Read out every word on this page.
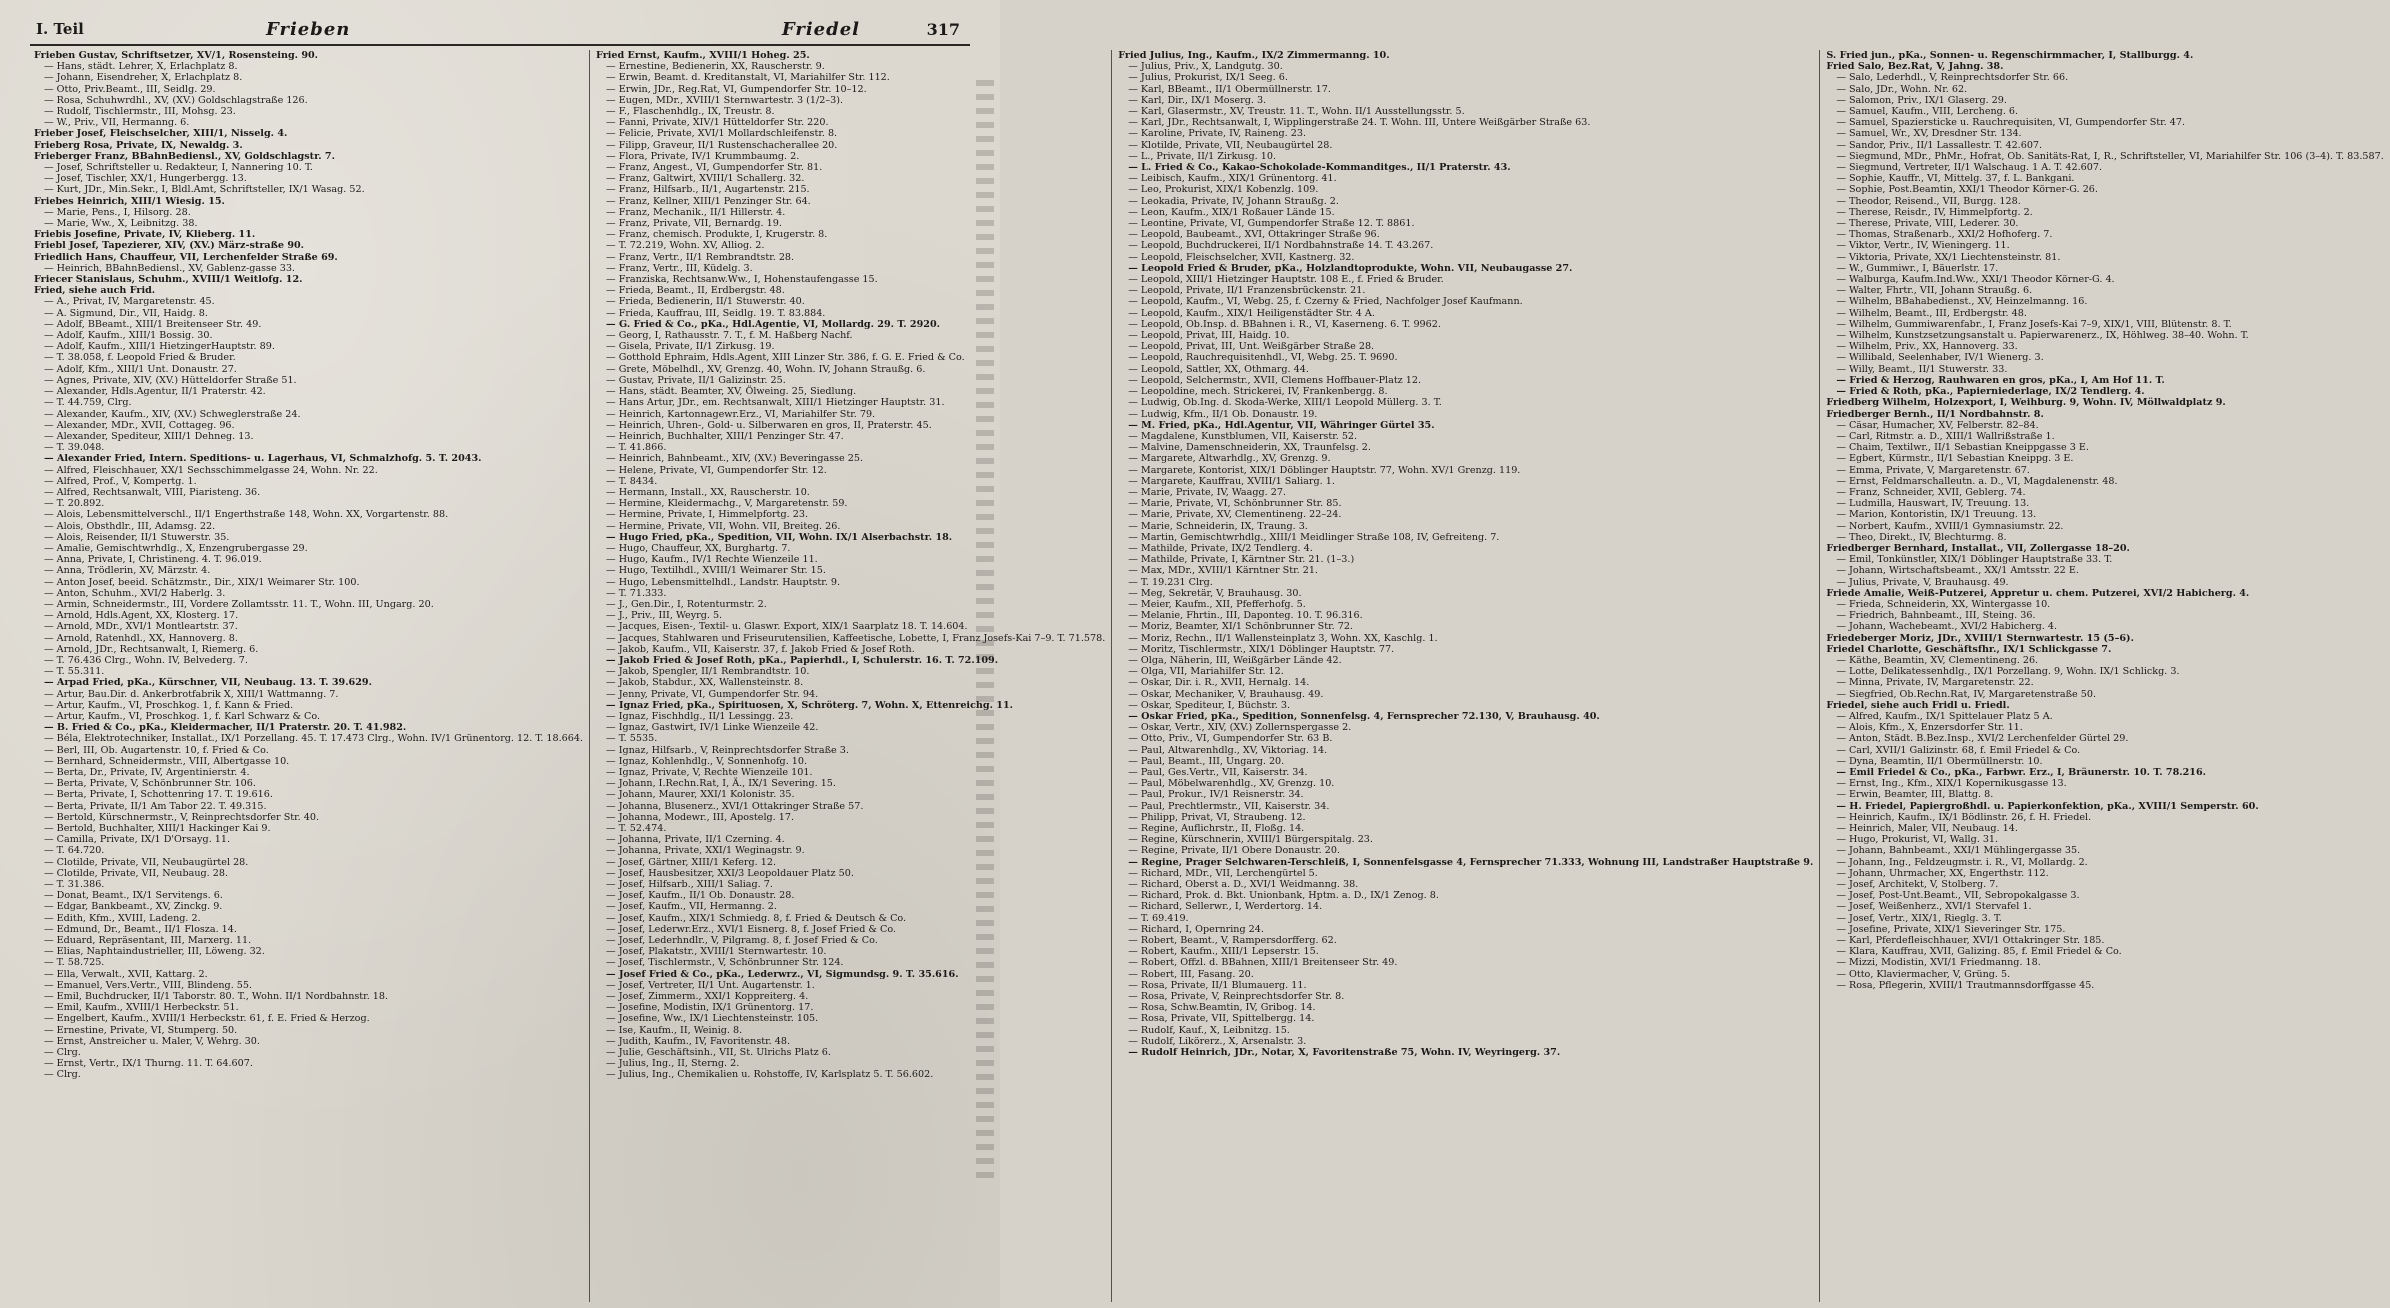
I. Teil	Frieben	Friedel	317

Frieben Gustav, Schriftsetzer, XV/1, Rosensteing. 90.

— Hans, städt. Lehrer, X, Erlachplatz 8.

— Johann, Eisendreher, X, Erlachplatz 8.

— Otto, Priv.Beamt., III, Seidlg. 29.

— Rosa, Schuhwrdhl., XV, (XV.) Goldschlagstraße 126.

— Rudolf, Tischlermstr., III, Mohsg. 23.

— W., Priv., VII, Hermanng. 6.

Frieber Josef, Fleischselcher, XIII/1, Nisselg. 4.

Frieberg Rosa, Private, IX, Newaldg. 3.

Frieberger Franz, BBahnBediensl., XV, Goldschlagstr. 7.

— Josef, Schriftsteller u. Redakteur, I, Nannering 10. T.

— Josef, Tischler, XX/1, Hungerbergg. 13.

— Kurt, JDr., Min.Sekr., I, Bldl.Amt, Schriftsteller, IX/1 Wasag. 52.

Friebes Heinrich, XIII/1 Wiesig. 15.

— Marie, Pens., I, Hilsorg. 28.

— Marie, Ww., X, Leibnitzg. 38.

Friebis Josefine, Private, IV, Klieberg. 11.

Friebl Josef, Tapezierer, XIV, (XV.) März-straße 90.

Friedlich Hans, Chauffeur, VII, Lerchenfelder Straße 69.

— Heinrich, BBahnBediensl., XV, Gablenz-gasse 33.

Friecer Stanislaus, Schuhm., XVIII/1 Weitlofg. 12.

Fried, siehe auch Frid.

— A., Privat, IV, Margaretenstr. 45.

— A. Sigmund, Dir., VII, Haidg. 8.

— Adolf, BBeamt., XIII/1 Breitenseer Str. 49.

— Adolf, Kaufm., XIII/1 Bossig. 30.

— Adolf, Kaufm., XIII/1 HietzingerHauptstr. 89.

— T. 38.058, f. Leopold Fried & Bruder.

— Adolf, Kfm., XIII/1 Unt. Donaustr. 27.

— Agnes, Private, XIV, (XV.) Hütteldorfer Straße 51.

— Alexander, Hdls.Agentur, II/1 Praterstr. 42.

— T. 44.759, Clrg.

— Alexander, Kaufm., XIV, (XV.) Schweglerstraße 24.

— Alexander, MDr., XVII, Cottageg. 96.

— Alexander, Spediteur, XIII/1 Dehneg. 13.

— T. 39.048.

— Alexander Fried, Intern. Speditions- u. Lagerhaus, VI, Schmalzhofg. 5. T. 2043.

— Alfred, Fleischhauer, XX/1 Sechsschimmelgasse 24, Wohn. Nr. 22.

— Alfred, Prof., V, Kompertg. 1.

— Alfred, Rechtsanwalt, VIII, Piaristeng. 36.

— T. 20.892.

— Alois, Lebensmittelverschl., II/1 Engerthstraße 148, Wohn. XX, Vorgartenstr. 88.

— Alois, Obsthdlr., III, Adamsg. 22.

— Alois, Reisender, II/1 Stuwerstr. 35.

— Amalie, Gemischtwrhdlg., X, Enzengrubergasse 29.

— Anna, Private, I, Christineng. 4. T. 96.019.

— Anna, Trödlerin, XV, Märzstr. 4.

— Anton Josef, beeid. Schätzmstr., Dir., XIX/1 Weimarer Str. 100.

— Anton, Schuhm., XVI/2 Haberlg. 3.

— Armin, Schneidermstr., III, Vordere Zollamtsstr. 11. T., Wohn. III, Ungarg. 20.

— Arnold, Hdls.Agent, XX, Klosterg. 17.

— Arnold, MDr., XVI/1 Montleartstr. 37.

— Arnold, Ratenhdl., XX, Hannoverg. 8.

— Arnold, JDr., Rechtsanwalt, I, Riemerg. 6.

— T. 76.436 Clrg., Wohn. IV, Belvederg. 7.

— T. 55.311.

— Arpad Fried, pKa., Kürschner, VII, Neubaug. 13. T. 39.629.

— Artur, Bau.Dir. d. Ankerbrotfabrik X, XIII/1 Wattmanng. 7.

— Artur, Kaufm., VI, Proschkog. 1, f. Kann & Fried.

— Artur, Kaufm., VI, Proschkog. 1, f. Karl Schwarz & Co.

— B. Fried & Co., pKa., Kleidermacher, II/1 Praterstr. 20. T. 41.982.

— Béla, Elektrotechniker, Installat., IX/1 Porzellang. 45. T. 17.473 Clrg., Wohn. IV/1 Grünentorg. 12. T. 18.664.

— Berl, III, Ob. Augartenstr. 10, f. Fried & Co.

— Bernhard, Schneidermstr., VIII, Albertgasse 10.

— Berta, Dr., Private, IV, Argentinierstr. 4.

— Berta, Private, V, Schönbrunner Str. 106.

— Berta, Private, I, Schottenring 17. T. 19.616.

— Berta, Private, II/1 Am Tabor 22. T. 49.315.

— Bertold, Kürschnermstr., V, Reinprechtsdorfer Str. 40.

— Bertold, Buchhalter, XIII/1 Hackinger Kai 9.

— Camilla, Private, IX/1 D'Orsayg. 11.

— T. 64.720.

— Clotilde, Private, VII, Neubaugürtel 28.

— Clotilde, Private, VII, Neubaug. 28.

— T. 31.386.

— Donat, Beamt., IX/1 Servitengs. 6.

— Edgar, Bankbeamt., XV, Zinckg. 9.

— Edith, Kfm., XVIII, Ladeng. 2.

— Edmund, Dr., Beamt., II/1 Flosza. 14.

— Eduard, Repräsentant, III, Marxerg. 11.

— Elias, Naphtaindustrieller, III, Löweng. 32.

— T. 58.725.

— Ella, Verwalt., XVII, Kattarg. 2.

— Emanuel, Vers.Vertr., VIII, Blindeng. 55.

— Emil, Buchdrucker, II/1 Taborstr. 80. T., Wohn. II/1 Nordbahnstr. 18.

— Emil, Kaufm., XVIII/1 Herbeckstr. 51.

— Engelbert, Kaufm., XVIII/1 Herbeckstr. 61, f. E. Fried & Herzog.

— Ernestine, Private, VI, Stumperg. 50.

— Ernst, Anstreicher u. Maler, V, Wehrg. 30.

— Clrg.

— Ernst, Vertr., IX/1 Thurng. 11. T. 64.607.

— Clrg.

Fried Ernst, Kaufm., XVIII/1 Hoheg. 25.

— Ernestine, Bedienerin, XX, Rauscherstr. 9.

— Erwin, Beamt. d. Kreditanstalt, VI, Mariahilfer Str. 112.

— Erwin, JDr., Reg.Rat, VI, Gumpendorfer Str. 10–12.

— Eugen, MDr., XVIII/1 Sternwartestr. 3 (1/2–3).

— F., Flaschenhdlg., IX, Treustr. 8.

— Fanni, Private, XIV/1 Hütteldorfer Str. 220.

— Felicie, Private, XVI/1 Mollardschleifenstr. 8.

— Filipp, Graveur, II/1 Rustenschacherallee 20.

— Flora, Private, IV/1 Krummbaumg. 2.

— Franz, Angest., VI, Gumpendorfer Str. 81.

— Franz, Galtwirt, XVIII/1 Schallerg. 32.

— Franz, Hilfsarb., II/1, Augartenstr. 215.

— Franz, Kellner, XIII/1 Penzinger Str. 64.

— Franz, Mechanik., II/1 Hillerstr. 4.

— Franz, Private, VII, Bernardg. 19.

— Franz, chemisch. Produkte, I, Krugerstr. 8.

— T. 72.219, Wohn. XV, Alliog. 2.

— Franz, Vertr., II/1 Rembrandtstr. 28.

— Franz, Vertr., III, Küdelg. 3.

— Franziska, Rechtsanw.Ww., I, Hohenstaufengasse 15.

— Frieda, Beamt., II, Erdbergstr. 48.

— Frieda, Bedienerin, II/1 Stuwerstr. 40.

— Frieda, Kauffrau, III, Seidlg. 19. T. 83.884.

— G. Fried & Co., pKa., Hdl.Agentie, VI, Mollardg. 29. T. 2920.

— Georg, I, Rathausstr. 7. T., f. M. Haßberg Nachf.

— Gisela, Private, II/1 Zirkusg. 19.

— Gotthold Ephraim, Hdls.Agent, XIII Linzer Str. 386, f. G. E. Fried & Co.

— Grete, Möbelhdl., XV, Grenzg. 40, Wohn. IV, Johann Straußg. 6.

— Gustav, Private, II/1 Galizinstr. 25.

— Hans, städt. Beamter, XV, Ölweing. 25, Siedlung.

— Hans Artur, JDr., em. Rechtsanwalt, XIII/1 Hietzinger Hauptstr. 31.

— Heinrich, Kartonnagewr.Erz., VI, Mariahilfer Str. 79.

— Heinrich, Uhren-, Gold- u. Silberwaren en gros, II, Praterstr. 45.

— Heinrich, Buchhalter, XIII/1 Penzinger Str. 47.

— T. 41.866.

— Heinrich, Bahnbeamt., XIV, (XV.) Beveringasse 25.

— Helene, Private, VI, Gumpendorfer Str. 12.

— T. 8434.

— Hermann, Install., XX, Rauscherstr. 10.

— Hermine, Kleidermachg., V, Margaretenstr. 59.

— Hermine, Private, I, Himmelpfortg. 23.

— Hermine, Private, VII, Wohn. VII, Breiteg. 26.

— Hugo Fried, pKa., Spedition, VII, Wohn. IX/1 Alserbachstr. 18.

— Hugo, Chauffeur, XX, Burghartg. 7.

— Hugo, Kaufm., IV/1 Rechte Wienzeile 11.

— Hugo, Textilhdl., XVIII/1 Weimarer Str. 15.

— Hugo, Lebensmittelhdl., Landstr. Hauptstr. 9.

— T. 71.333.

— J., Gen.Dir., I, Rotenturmstr. 2.

— J., Priv., III, Weyrg. 5.

— Jacques, Eisen-, Textil- u. Glaswr. Export, XIX/1 Saarplatz 18. T. 14.604.

— Jacques, Stahlwaren und Friseurutensilien, Kaffeetische, Lobette, I, Franz Josefs-Kai 7–9. T. 71.578.

— Jakob, Kaufm., VII, Kaiserstr. 37, f. Jakob Fried & Josef Roth.

— Jakob Fried & Josef Roth, pKa., Papierhdl., I, Schulerstr. 16. T. 72.109.

— Jakob, Spengler, II/1 Rembrandtstr. 10.

— Jakob, Stabdur., XX, Wallensteinstr. 8.

— Jenny, Private, VI, Gumpendorfer Str. 94.

— Ignaz Fried, pKa., Spirituosen, X, Schröterg. 7, Wohn. X, Ettenreichg. 11.

— Ignaz, Fischhdlg., II/1 Lessingg. 23.

— Ignaz, Gastwirt, IV/1 Linke Wienzeile 42.

— T. 5535.

— Ignaz, Hilfsarb., V, Reinprechtsdorfer Straße 3.

— Ignaz, Kohlenhdlg., V, Sonnenhofg. 10.

— Ignaz, Private, V, Rechte Wienzeile 101.

— Johann, I.Rechn.Rat, I, Ä., IX/1 Severing. 15.

— Johann, Maurer, XXI/1 Kolonistr. 35.

— Johanna, Blusenerz., XVI/1 Ottakringer Straße 57.

— Johanna, Modewr., III, Apostelg. 17.

— T. 52.474.

— Johanna, Private, II/1 Czerning. 4.

— Johanna, Private, XXI/1 Weginagstr. 9.

— Josef, Gärtner, XIII/1 Keferg. 12.

— Josef, Hausbesitzer, XXI/3 Leopoldauer Platz 50.

— Josef, Hilfsarb., XIII/1 Saliag. 7.

— Josef, Kaufm., II/1 Ob. Donaustr. 28.

— Josef, Kaufm., VII, Hermanng. 2.

— Josef, Kaufm., XIX/1 Schmiedg. 8, f. Fried & Deutsch & Co.

— Josef, Lederwr.Erz., XVI/1 Eisnerg. 8, f. Josef Fried & Co.

— Josef, Lederhndlr., V, Pilgramg. 8, f. Josef Fried & Co.

— Josef, Plakatstr., XVIII/1 Sternwartestr. 10.

— Josef, Tischlermstr., V, Schönbrunner Str. 124.

— Josef Fried & Co., pKa., Lederwrz., VI, Sigmundsg. 9. T. 35.616.

— Josef, Vertreter, II/1 Unt. Augartenstr. 1.

— Josef, Zimmerm., XXI/1 Koppreiterg. 4.

— Josefine, Modistin, IX/1 Grünentorg. 17.

— Josefine, Ww., IX/1 Liechtensteinstr. 105.

— Ise, Kaufm., II, Weinig. 8.

— Judith, Kaufm., IV, Favoritenstr. 48.

— Julie, Geschäftsinh., VII, St. Ulrichs Platz 6.

— Julius, Ing., II, Sterng. 2.

— Julius, Ing., Chemikalien u. Rohstoffe, IV, Karlsplatz 5. T. 56.602.

Fried Julius, Ing., Kaufm., IX/2 Zimmermanng. 10.

— Julius, Priv., X, Landgutg. 30.

— Julius, Prokurist, IX/1 Seeg. 6.

— Karl, BBeamt., II/1 Obermüllnerstr. 17.

— Karl, Dir., IX/1 Moserg. 3.

— Karl, Glasermstr., XV, Treustr. 11. T., Wohn. II/1 Ausstellungsstr. 5.

— Karl, JDr., Rechtsanwalt, I, Wipplingerstraße 24. T. Wohn. III, Untere Weißgärber Straße 63.

— Karoline, Private, IV, Raineng. 23.

— Klotilde, Private, VII, Neubaugürtel 28.

— L., Private, II/1 Zirkusg. 10.

— L. Fried & Co., Kakao-Schokolade-Kommanditges., II/1 Praterstr. 43.

— Leibisch, Kaufm., XIX/1 Grünentorg. 41.

— Leo, Prokurist, XIX/1 Kobenzlg. 109.

— Leokadia, Private, IV, Johann Straußg. 2.

— Leon, Kaufm., XIX/1 Roßauer Lände 15.

— Leontine, Private, VI, Gumpendorfer Straße 12. T. 8861.

— Leopold, Baubeamt., XVI, Ottakringer Straße 96.

— Leopold, Buchdruckerei, II/1 Nordbahnstraße 14. T. 43.267.

— Leopold, Fleischselcher, XVII, Kastnerg. 32.

— Leopold Fried & Bruder, pKa., Holzlandtoprodukte, Wohn. VII, Neubaugasse 27.

— Leopold, XIII/1 Hietzinger Hauptstr. 108 E., f. Fried & Bruder.

— Leopold, Private, II/1 Franzensbrückenstr. 21.

— Leopold, Kaufm., VI, Webg. 25, f. Czerny & Fried, Nachfolger Josef Kaufmann.

— Leopold, Kaufm., XIX/1 Heiligenstädter Str. 4 A.

— Leopold, Ob.Insp. d. BBahnen i. R., VI, Kaserneng. 6. T. 9962.

— Leopold, Privat, III, Haidg. 10.

— Leopold, Privat, III, Unt. Weißgärber Straße 28.

— Leopold, Rauchrequisitenhdl., VI, Webg. 25. T. 9690.

— Leopold, Sattler, XX, Othmarg. 44.

— Leopold, Selchermstr., XVII, Clemens Hoffbauer-Platz 12.

— Leopoldine, mech. Strickerei, IV, Frankenbergg. 8.

— Ludwig, Ob.Ing. d. Skoda-Werke, XIII/1 Leopold Müllerg. 3. T.

— Ludwig, Kfm., II/1 Ob. Donaustr. 19.

— M. Fried, pKa., Hdl.Agentur, VII, Währinger Gürtel 35.

— Magdalene, Kunstblumen, VII, Kaiserstr. 52.

— Malvine, Damenschneiderin, XX, Traunfelsg. 2.

— Margarete, Altwarhdlg., XV, Grenzg. 9.

— Margarete, Kontorist, XIX/1 Döblinger Hauptstr. 77, Wohn. XV/1 Grenzg. 119.

— Margarete, Kauffrau, XVIII/1 Saliarg. 1.

— Marie, Private, IV, Waagg. 27.

— Marie, Private, VI, Schönbrunner Str. 85.

— Marie, Private, XV, Clementineng. 22–24.

— Marie, Schneiderin, IX, Traung. 3.

— Martin, Gemischtwrhdlg., XIII/1 Meidlinger Straße 108, IV, Gefreiteng. 7.

— Mathilde, Private, IX/2 Tendlerg. 4.

— Mathilde, Private, I, Kärntner Str. 21. (1–3.)

— Max, MDr., XVIII/1 Kärntner Str. 21.

— T. 19.231 Clrg.

— Meg, Sekretär, V, Brauhausg. 30.

— Meier, Kaufm., XII, Pfefferhofg. 5.

— Melanie, Fhrtin., III, Daponteg. 10. T. 96.316.

— Moriz, Beamter, XI/1 Schönbrunner Str. 72.

— Moriz, Rechn., II/1 Wallensteinplatz 3, Wohn. XX, Kaschlg. 1.

— Moritz, Tischlermstr., XIX/1 Döblinger Hauptstr. 77.

— Olga, Näherin, III, Weißgärber Lände 42.

— Olga, VII, Mariahilfer Str. 12.

— Oskar, Dir. i. R., XVII, Hernalg. 14.

— Oskar, Mechaniker, V, Brauhausg. 49.

— Oskar, Spediteur, I, Büchstr. 3.

— Oskar Fried, pKa., Spedition, Sonnenfelsg. 4, Fernsprecher 72.130, V, Brauhausg. 40.

— Oskar, Vertr., XIV, (XV.) Zollernspergasse 2.

— Otto, Priv., VI, Gumpendorfer Str. 63 B.

— Paul, Altwarenhdlg., XV, Viktoriag. 14.

— Paul, Beamt., III, Ungarg. 20.

— Paul, Ges.Vertr., VII, Kaiserstr. 34.

— Paul, Möbelwarenhdlg., XV, Grenzg. 10.

— Paul, Prokur., IV/1 Reisnerstr. 34.

— Paul, Prechtlermstr., VII, Kaiserstr. 34.

— Philipp, Privat, VI, Straubeng. 12.

— Regine, Auflichrstr., II, Floßg. 14.

— Regine, Kürschnerin, XVIII/1 Bürgerspitalg. 23.

— Regine, Private, II/1 Obere Donaustr. 20.

— Regine, Prager Selchwaren-Terschleiß, I, Sonnenfelsgasse 4, Fernsprecher 71.333, Wohnung III, Landstraßer Hauptstraße 9.

— Richard, MDr., VII, Lerchengürtel 5.

— Richard, Oberst a. D., XVI/1 Weidmanng. 38.

— Richard, Prok. d. Bkt. Unionbank, Hptm. a. D., IX/1 Zenog. 8.

— Richard, Sellerwr., I, Werdertorg. 14.

— T. 69.419.

— Richard, I, Opernring 24.

— Robert, Beamt., V, Rampersdorfferg. 62.

— Robert, Kaufm., XIII/1 Lepserstr. 15.

— Robert, Offzl. d. BBahnen, XIII/1 Breitenseer Str. 49.

— Robert, III, Fasang. 20.

— Rosa, Private, II/1 Blumauerg. 11.

— Rosa, Private, V, Reinprechtsdorfer Str. 8.

— Rosa, Schw.Beamtin, IV, Gribog. 14.

— Rosa, Private, VII, Spittelbergg. 14.

— Rudolf, Kauf., X, Leibnitzg. 15.

— Rudolf, Likörerz., X, Arsenalstr. 3.

— Rudolf Heinrich, JDr., Notar, X, Favoritenstraße 75, Wohn. IV, Weyringerg. 37.

S. Fried jun., pKa., Sonnen- u. Regenschirmmacher, I, Stallburgg. 4.

Fried Salo, Bez.Rat, V, Jahng. 38.

— Salo, Lederhdl., V, Reinprechtsdorfer Str. 66.

— Salo, JDr., Wohn. Nr. 62.

— Salomon, Priv., IX/1 Glaserg. 29.

— Samuel, Kaufm., VIII, Lercheng. 6.

— Samuel, Spaziersticke u. Rauchrequisiten, VI, Gumpendorfer Str. 47.

— Samuel, Wr., XV, Dresdner Str. 134.

— Sandor, Priv., II/1 Lassallestr. T. 42.607.

— Siegmund, MDr., PhMr., Hofrat, Ob. Sanitäts-Rat, I, R., Schriftsteller, VI, Mariahilfer Str. 106 (3–4). T. 83.587.

— Siegmund, Vertreter, II/1 Walschaug. 1 A. T. 42.607.

— Sophie, Kauffr., VI, Mittelg. 37, f. L. Bankgani.

— Sophie, Post.Beamtin, XXI/1 Theodor Körner-G. 26.

— Theodor, Reisend., VII, Burgg. 128.

— Therese, Reisdr., IV, Himmelpfortg. 2.

— Therese, Private, VIII, Lederer. 30.

— Thomas, Straßenarb., XXI/2 Hofhoferg. 7.

— Viktor, Vertr., IV, Wieningerg. 11.

— Viktoria, Private, XX/1 Liechtensteinstr. 81.

— W., Gummiwr., I, Bäuerlstr. 17.

— Walburga, Kaufm.Ind.Ww., XXI/1 Theodor Körner-G. 4.

— Walter, Fhrtr., VII, Johann Straußg. 6.

— Wilhelm, BBahabedienst., XV, Heinzelmanng. 16.

— Wilhelm, Beamt., III, Erdbergstr. 48.

— Wilhelm, Gummiwarenfabr., I, Franz Josefs-Kai 7–9, XIX/1, VIII, Blütenstr. 8. T.

— Wilhelm, Kunstzsetzungsanstalt u. Papierwarenerz., IX, Höhlweg. 38–40. Wohn. T.

— Wilhelm, Priv., XX, Hannoverg. 33.

— Willibald, Seelenhaber, IV/1 Wienerg. 3.

— Willy, Beamt., II/1 Stuwerstr. 33.

— Fried & Herzog, Rauhwaren en gros, pKa., I, Am Hof 11. T.

— Fried & Roth, pKa., Papierniederlage, IX/2 Tendlerg. 4.

Friedberg Wilhelm, Holzexport, I, Weihburg. 9, Wohn. IV, Möllwaldplatz 9.

Friedberger Bernh., II/1 Nordbahnstr. 8.

— Cäsar, Humacher, XV, Felberstr. 82–84.

— Carl, Ritmstr. a. D., XIII/1 Wallrißstraße 1.

— Chaim, Textilwr., II/1 Sebastian Kneippgasse 3 E.

— Egbert, Kürmstr., II/1 Sebastian Kneippg. 3 E.

— Emma, Private, V, Margaretenstr. 67.

— Ernst, Feldmarschalleutn. a. D., VI, Magdalenenstr. 48.

— Franz, Schneider, XVII, Geblerg. 74.

— Ludmilla, Hauswart, IV, Treuung. 13.

— Marion, Kontoristin, IX/1 Treuung. 13.

— Norbert, Kaufm., XVIII/1 Gymnasiumstr. 22.

— Theo, Direkt., IV, Blechturmg. 8.

Friedberger Bernhard, Installat., VII, Zollergasse 18–20.

— Emil, Tonkünstler, XIX/1 Döblinger Hauptstraße 33. T.

— Johann, Wirtschaftsbeamt., XX/1 Amtsstr. 22 E.

— Julius, Private, V, Brauhausg. 49.

Friede Amalie, Weiß-Putzerei, Appretur u. chem. Putzerei, XVI/2 Habicherg. 4.

— Frieda, Schneiderin, XX, Wintergasse 10.

— Friedrich, Bahnbeamt., III, Steing. 36.

— Johann, Wachebeamt., XVI/2 Habicherg. 4.

Friedeberger Moriz, JDr., XVIII/1 Sternwartestr. 15 (5–6).

Friedel Charlotte, Geschäftsfhr., IX/1 Schlickgasse 7.

— Käthe, Beamtin, XV, Clementineng. 26.

— Lotte, Delikatessenhdlg., IX/1 Porzellang. 9, Wohn. IX/1 Schlickg. 3.

— Minna, Private, IV, Margaretenstr. 22.

— Siegfried, Ob.Rechn.Rat, IV, Margaretenstraße 50.

Friedel, siehe auch Fridl u. Friedl.

— Alfred, Kaufm., IX/1 Spittelauer Platz 5 A.

— Alois, Kfm., X, Enzersdorfer Str. 11.

— Anton, Städt. B.Bez.Insp., XVI/2 Lerchenfelder Gürtel 29.

— Carl, XVII/1 Galizinstr. 68, f. Emil Friedel & Co.

— Dyna, Beamtin, II/1 Obermüllnerstr. 10.

— Emil Friedel & Co., pKa., Farbwr. Erz., I, Bräunerstr. 10. T. 78.216.

— Ernst, Ing., Kfm., XIX/1 Kopernikusgasse 13.

— Erwin, Beamter, III, Blattg. 8.

— H. Friedel, Papiergroßhdl. u. Papierkonfektion, pKa., XVIII/1 Semperstr. 60.

— Heinrich, Kaufm., IX/1 Bödlinstr. 26, f. H. Friedel.

— Heinrich, Maler, VII, Neubaug. 14.

— Hugo, Prokurist, VI, Wallg. 31.

— Johann, Bahnbeamt., XXI/1 Mühlingergasse 35.

— Johann, Ing., Feldzeugmstr. i. R., VI, Mollardg. 2.

— Johann, Uhrmacher, XX, Engerthstr. 112.

— Josef, Architekt, V, Stolberg. 7.

— Josef, Post-Unt.Beamt., VII, Sebropokalgasse 3.

— Josef, Weißenherz., XVI/1 Stervafel 1.

— Josef, Vertr., XIX/1, Rieglg. 3. T.

— Josefine, Private, XIX/1 Sieveringer Str. 175.

— Karl, Pferdefleischhauer, XVI/1 Ottakringer Str. 185.

— Klara, Kauffrau, XVII, Galizing. 85, f. Emil Friedel & Co.

— Mizzi, Modistin, XVI/1 Friedmanng. 18.

— Otto, Klaviermacher, V, Grüng. 5.

— Rosa, Pflegerin, XVIII/1 Trautmannsdorffgasse 45.
